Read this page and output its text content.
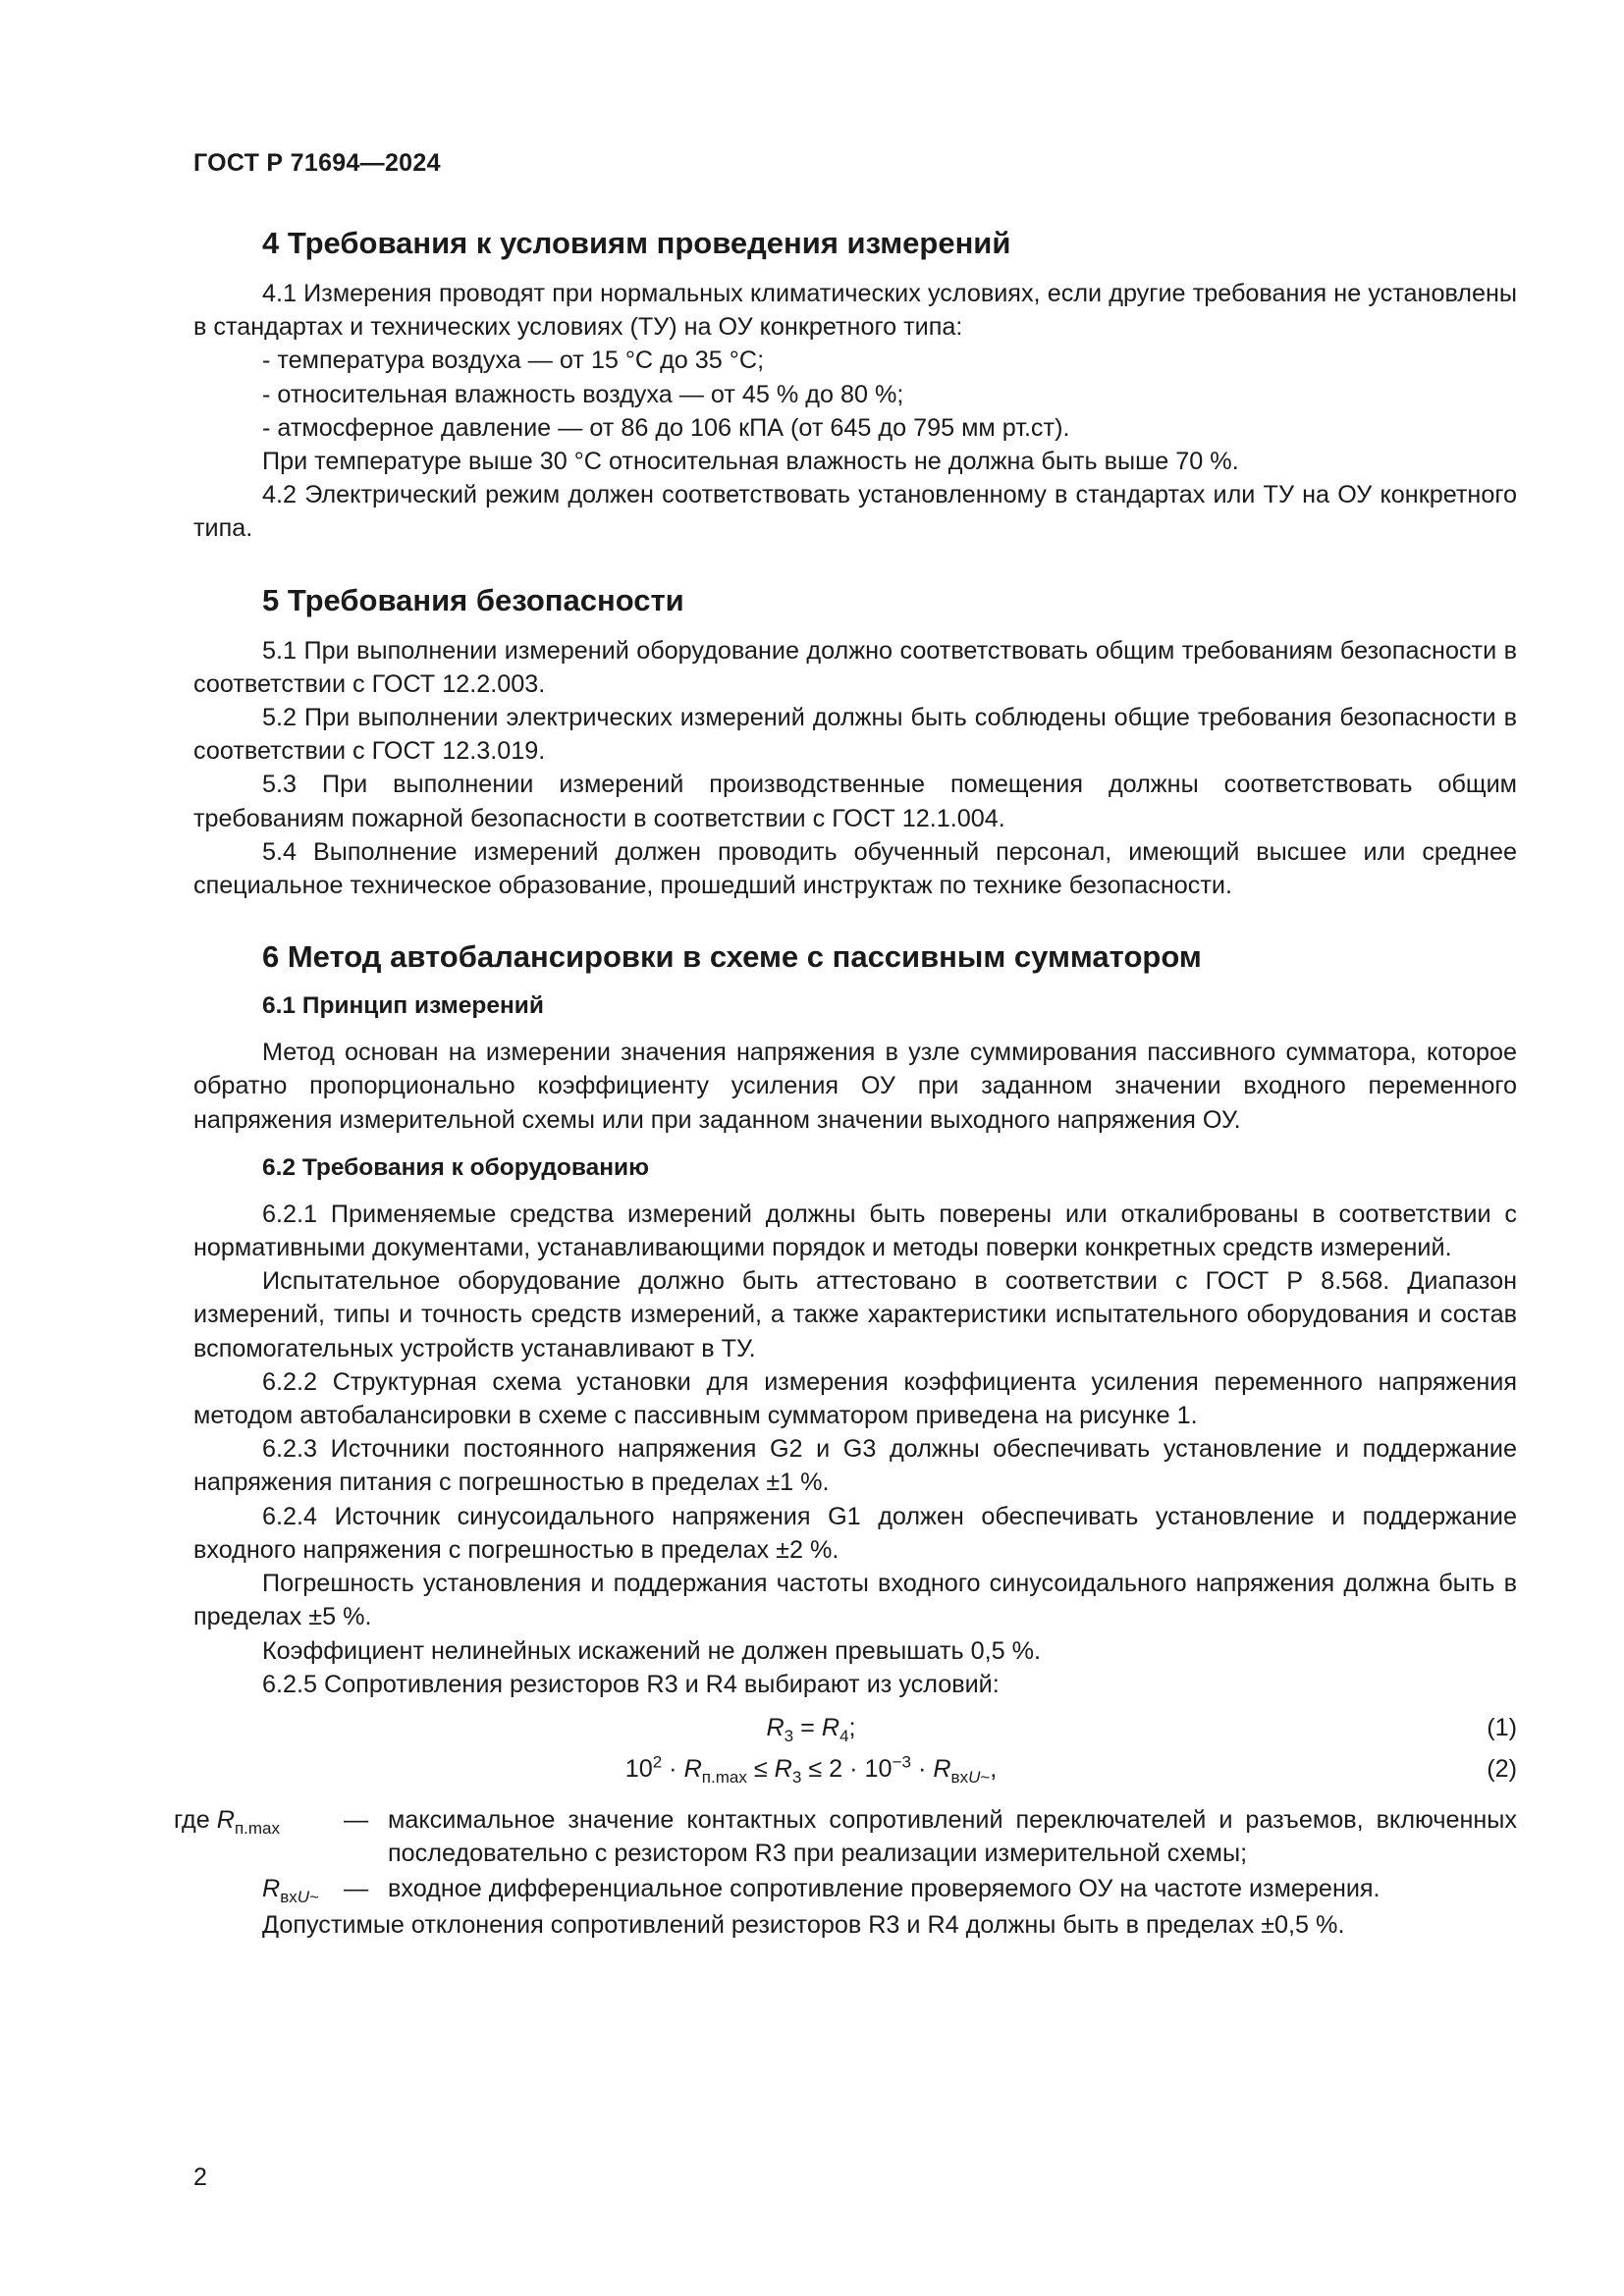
ГОСТ Р 71694—2024
4 Требования к условиям проведения измерений

4.1 Измерения проводят при нормальных климатических условиях, если другие требования не установлены в стандартах и технических условиях (ТУ) на ОУ конкретного типа:

- температура воздуха — от 15 °С до 35 °С;

- относительная влажность воздуха — от 45 % до 80 %;

- атмосферное давление — от 86 до 106 кПА (от 645 до 795 мм рт.ст).

При температуре выше 30 °С относительная влажность не должна быть выше 70 %.

4.2 Электрический режим должен соответствовать установленному в стандартах или ТУ на ОУ конкретного типа.

5 Требования безопасности

5.1 При выполнении измерений оборудование должно соответствовать общим требованиям безопасности в соответствии с ГОСТ 12.2.003.

5.2 При выполнении электрических измерений должны быть соблюдены общие требования безопасности в соответствии с ГОСТ 12.3.019.

5.3 При выполнении измерений производственные помещения должны соответствовать общим требованиям пожарной безопасности в соответствии с ГОСТ 12.1.004.

5.4 Выполнение измерений должен проводить обученный персонал, имеющий высшее или среднее специальное техническое образование, прошедший инструктаж по технике безопасности.

6 Метод автобалансировки в схеме с пассивным сумматором
6.1 Принцип измерений

Метод основан на измерении значения напряжения в узле суммирования пассивного сумматора, которое обратно пропорционально коэффициенту усиления ОУ при заданном значении входного переменного напряжения измерительной схемы или при заданном значении выходного напряжения ОУ.

6.2 Требования к оборудованию

6.2.1 Применяемые средства измерений должны быть поверены или откалиброваны в соответствии с нормативными документами, устанавливающими порядок и методы поверки конкретных средств измерений.

Испытательное оборудование должно быть аттестовано в соответствии с ГОСТ Р 8.568. Диапазон измерений, типы и точность средств измерений, а также характеристики испытательного оборудования и состав вспомогательных устройств устанавливают в ТУ.

6.2.2 Структурная схема установки для измерения коэффициента усиления переменного напряжения методом автобалансировки в схеме с пассивным сумматором приведена на рисунке 1.

6.2.3 Источники постоянного напряжения G2 и G3 должны обеспечивать установление и поддержание напряжения питания с погрешностью в пределах ±1 %.

6.2.4 Источник синусоидального напряжения G1 должен обеспечивать установление и поддержание входного напряжения с погрешностью в пределах ±2 %.

Погрешность установления и поддержания частоты входного синусоидального напряжения должна быть в пределах ±5 %.

Коэффициент нелинейных искажений не должен превышать 0,5 %.

6.2.5 Сопротивления резисторов R3 и R4 выбирают из условий:

$R_3 = R_4$;	(1)
$10^2 \cdot R_{п.max} \le R_3 \le 2 \cdot 10^{-3} \cdot R_{вхU\sim}$,	(2)
где $R_{п.max}$	— максимальное значение контактных сопротивлений переключателей и разъемов, включенных последовательно с резистором R3 при реализации измерительной схемы;

$R_{вхU\sim}$ — входное дифференциальное сопротивление проверяемого ОУ на частоте измерения.

Допустимые отклонения сопротивлений резисторов R3 и R4 должны быть в пределах ±0,5 %.

2
